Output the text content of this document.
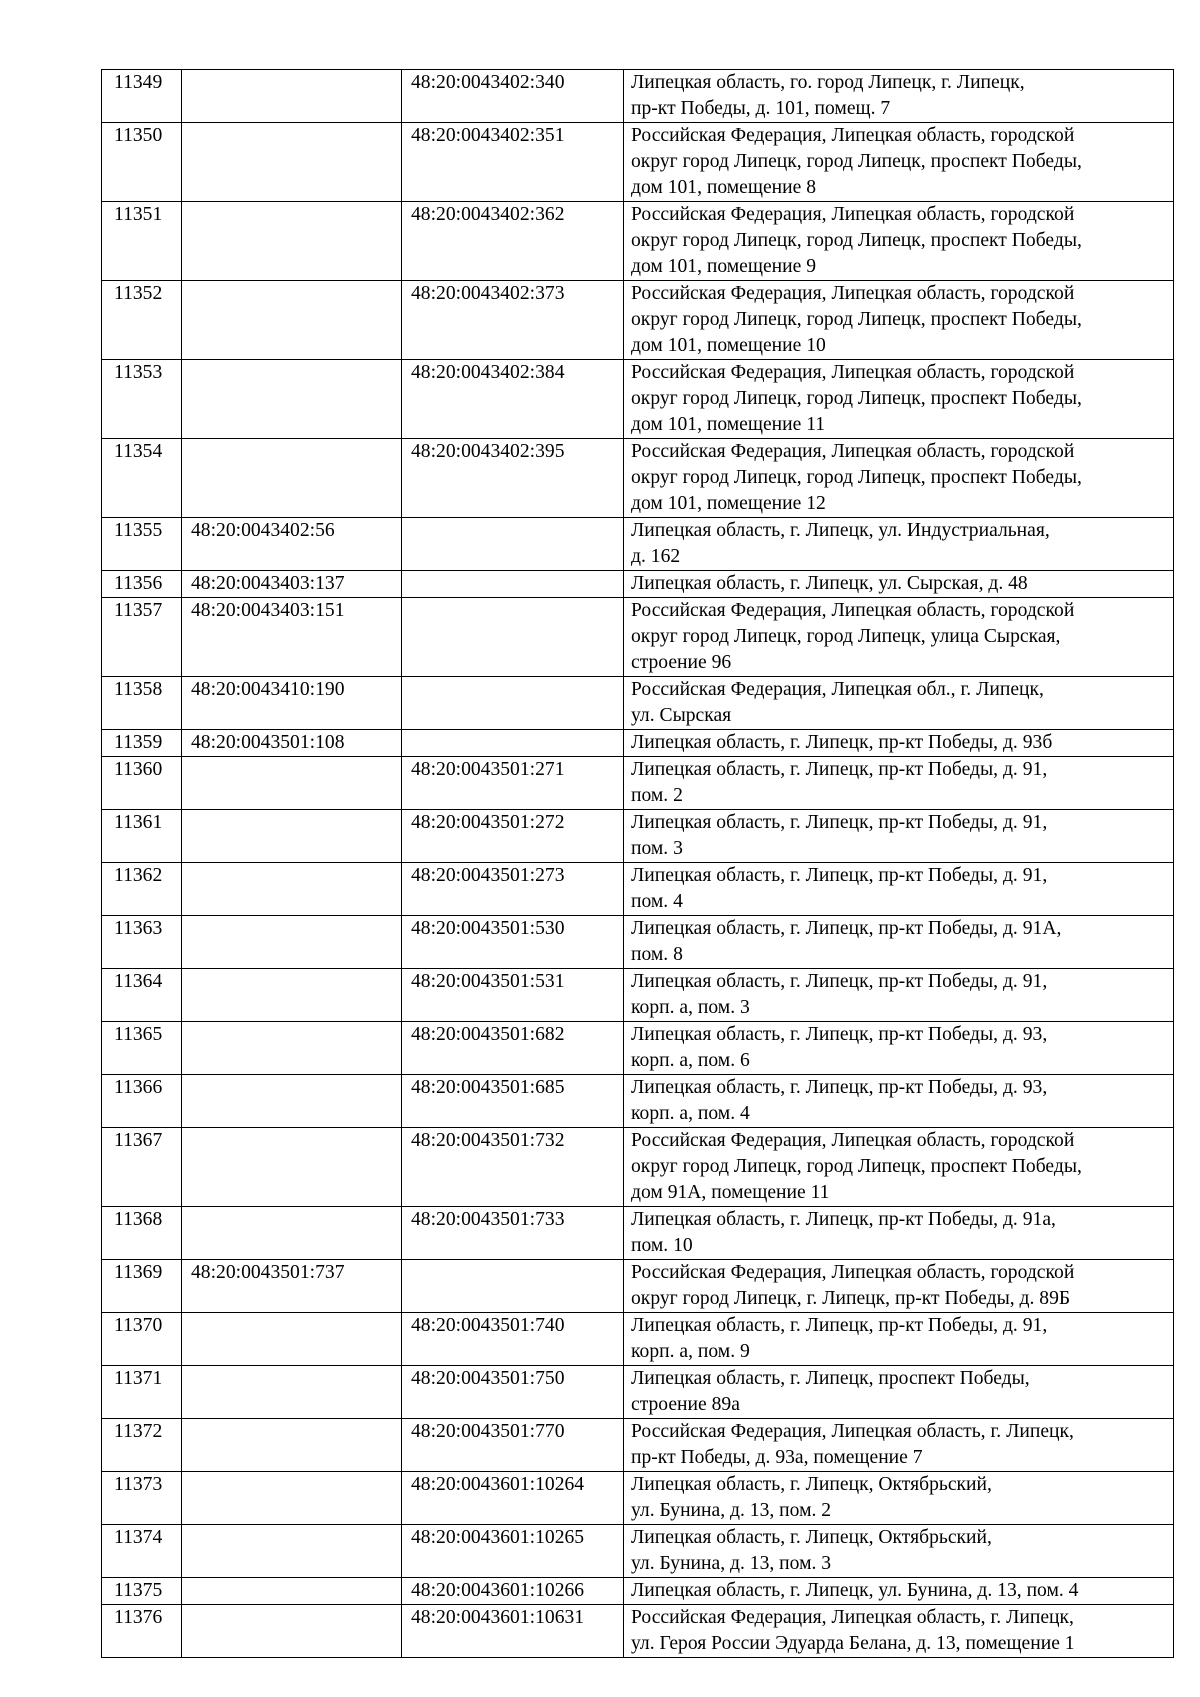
11349		48:20:0043402:340	Липецкая область, го. город Липецк, г. Липецк,
пр-кт Победы, д. 101, помещ. 7
11350		48:20:0043402:351	Российская Федерация, Липецкая область, городской
округ город Липецк, город Липецк, проспект Победы,
дом 101, помещение 8
11351		48:20:0043402:362	Российская Федерация, Липецкая область, городской
округ город Липецк, город Липецк, проспект Победы,
дом 101, помещение 9
11352		48:20:0043402:373	Российская Федерация, Липецкая область, городской
округ город Липецк, город Липецк, проспект Победы,
дом 101, помещение 10
11353		48:20:0043402:384	Российская Федерация, Липецкая область, городской
округ город Липецк, город Липецк, проспект Победы,
дом 101, помещение 11
11354		48:20:0043402:395	Российская Федерация, Липецкая область, городской
округ город Липецк, город Липецк, проспект Победы,
дом 101, помещение 12
11355	48:20:0043402:56		Липецкая область, г. Липецк, ул. Индустриальная,
д. 162
11356	48:20:0043403:137		Липецкая область, г. Липецк, ул. Сырская, д. 48
11357	48:20:0043403:151		Российская Федерация, Липецкая область, городской
округ город Липецк, город Липецк, улица Сырская,
строение 96
11358	48:20:0043410:190		Российская Федерация, Липецкая обл., г. Липецк,
ул. Сырская
11359	48:20:0043501:108		Липецкая область, г. Липецк, пр-кт Победы, д. 93б
11360		48:20:0043501:271	Липецкая область, г. Липецк, пр-кт Победы, д. 91,
пом. 2
11361		48:20:0043501:272	Липецкая область, г. Липецк, пр-кт Победы, д. 91,
пом. 3
11362		48:20:0043501:273	Липецкая область, г. Липецк, пр-кт Победы, д. 91,
пом. 4
11363		48:20:0043501:530	Липецкая область, г. Липецк, пр-кт Победы, д. 91А,
пом. 8
11364		48:20:0043501:531	Липецкая область, г. Липецк, пр-кт Победы, д. 91,
корп. а, пом. 3
11365		48:20:0043501:682	Липецкая область, г. Липецк, пр-кт Победы, д. 93,
корп. а, пом. 6
11366		48:20:0043501:685	Липецкая область, г. Липецк, пр-кт Победы, д. 93,
корп. а, пом. 4
11367		48:20:0043501:732	Российская Федерация, Липецкая область, городской
округ город Липецк, город Липецк, проспект Победы,
дом 91А, помещение 11
11368		48:20:0043501:733	Липецкая область, г. Липецк, пр-кт Победы, д. 91а,
пом. 10
11369	48:20:0043501:737		Российская Федерация, Липецкая область, городской
округ город Липецк, г. Липецк, пр-кт Победы, д. 89Б
11370		48:20:0043501:740	Липецкая область, г. Липецк, пр-кт Победы, д. 91,
корп. а, пом. 9
11371		48:20:0043501:750	Липецкая область, г. Липецк, проспект Победы,
строение 89а
11372		48:20:0043501:770	Российская Федерация, Липецкая область, г. Липецк,
пр-кт Победы, д. 93а, помещение 7
11373		48:20:0043601:10264	Липецкая область, г. Липецк, Октябрьский,
ул. Бунина, д. 13, пом. 2
11374		48:20:0043601:10265	Липецкая область, г. Липецк, Октябрьский,
ул. Бунина, д. 13, пом. 3
11375		48:20:0043601:10266	Липецкая область, г. Липецк, ул. Бунина, д. 13, пом. 4
11376		48:20:0043601:10631	Российская Федерация, Липецкая область, г. Липецк,
ул. Героя России Эдуарда Белана, д. 13, помещение 1
